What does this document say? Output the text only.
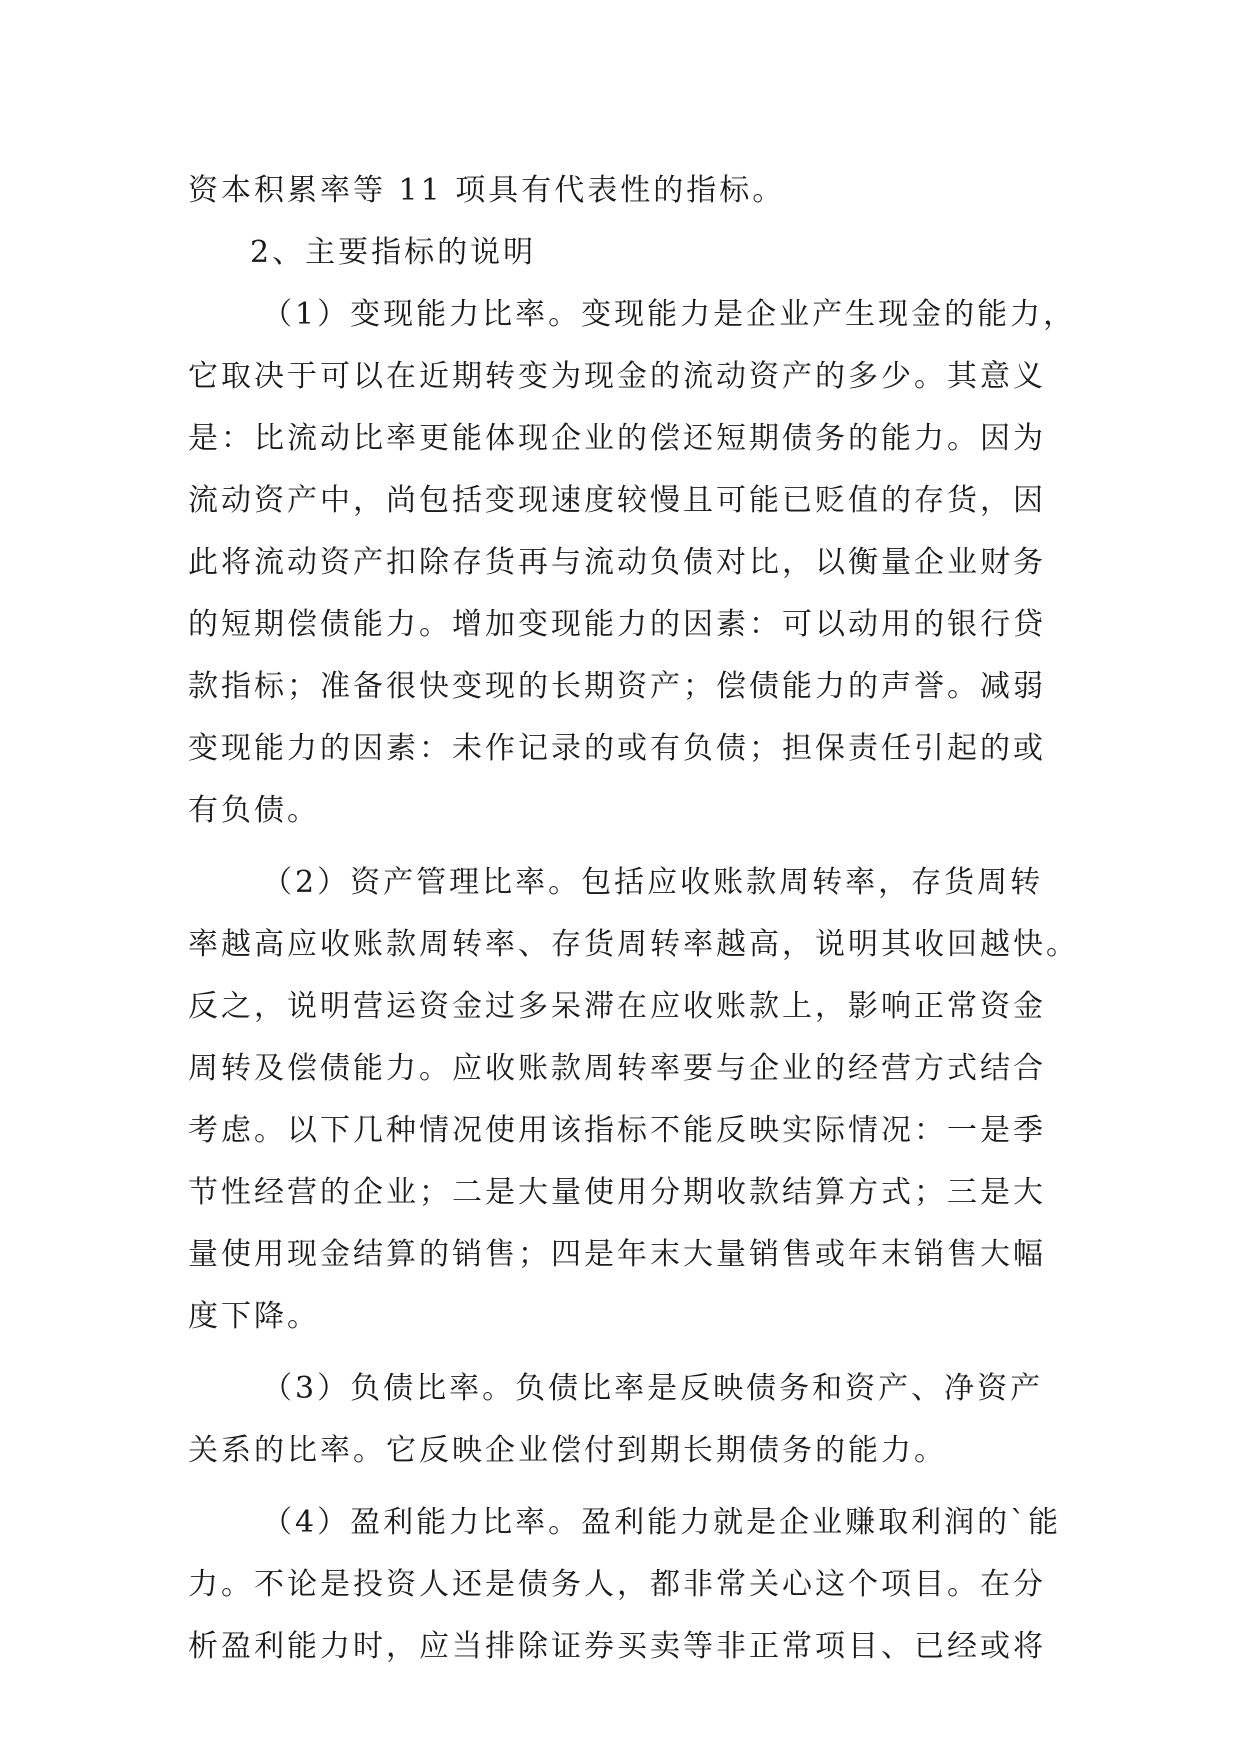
资本积累率等 11 项具有代表性的指标。
2、主要指标的说明
（1）变现能力比率。变现能力是企业产生现金的能力，
它取决于可以在近期转变为现金的流动资产的多少。其意义
是：比流动比率更能体现企业的偿还短期债务的能力。因为
流动资产中，尚包括变现速度较慢且可能已贬值的存货，因
此将流动资产扣除存货再与流动负债对比，以衡量企业财务
的短期偿债能力。增加变现能力的因素：可以动用的银行贷
款指标；准备很快变现的长期资产；偿债能力的声誉。减弱
变现能力的因素：未作记录的或有负债；担保责任引起的或
有负债。
（2）资产管理比率。包括应收账款周转率，存货周转
率越高应收账款周转率、存货周转率越高，说明其收回越快。
反之，说明营运资金过多呆滞在应收账款上，影响正常资金
周转及偿债能力。应收账款周转率要与企业的经营方式结合
考虑。以下几种情况使用该指标不能反映实际情况：一是季
节性经营的企业；二是大量使用分期收款结算方式；三是大
量使用现金结算的销售；四是年末大量销售或年末销售大幅
度下降。
（3）负债比率。负债比率是反映债务和资产、净资产
关系的比率。它反映企业偿付到期长期债务的能力。
（4）盈利能力比率。盈利能力就是企业赚取利润的`能
力。不论是投资人还是债务人，都非常关心这个项目。在分
析盈利能力时，应当排除证券买卖等非正常项目、已经或将
